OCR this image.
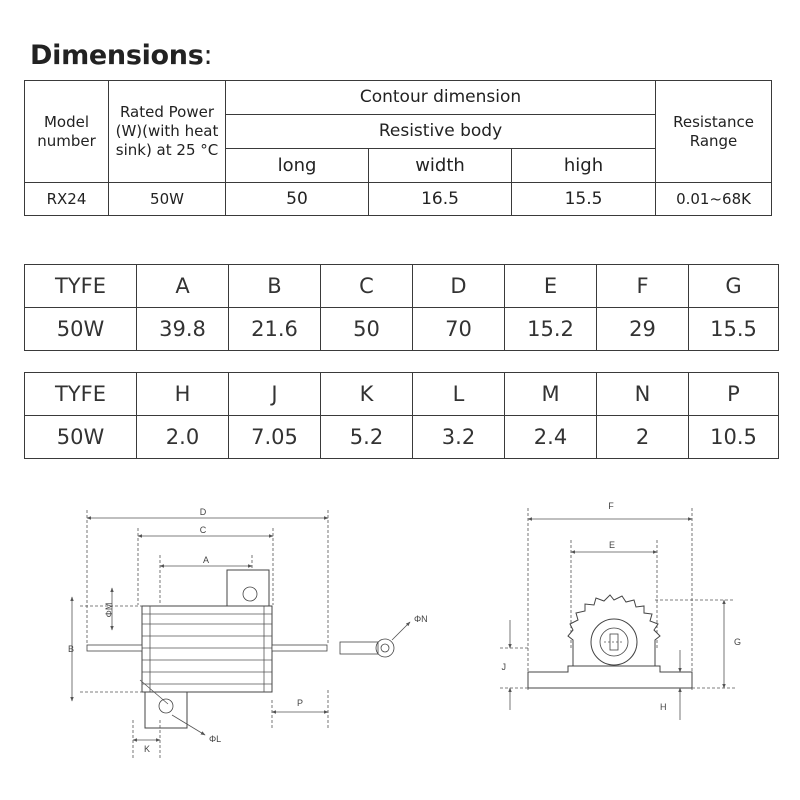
Dimensions:
Model number	Rated Power (W)(with heat sink) at 25 °C	Contour dimension			Resistance Range
		Resistive body			
		long	width	high	
RX24	50W	50	16.5	15.5	0.01~68K
TYFE	A	B	C	D	E	F	G
50W	39.8	21.6	50	70	15.2	29	15.5
TYFE	H	J	K	L	M	N	P
50W	2.0	7.05	5.2	3.2	2.4	2	10.5
D
C
A
ΦM
B
ΦN
P
K
ΦL
F
E
G
J
H
